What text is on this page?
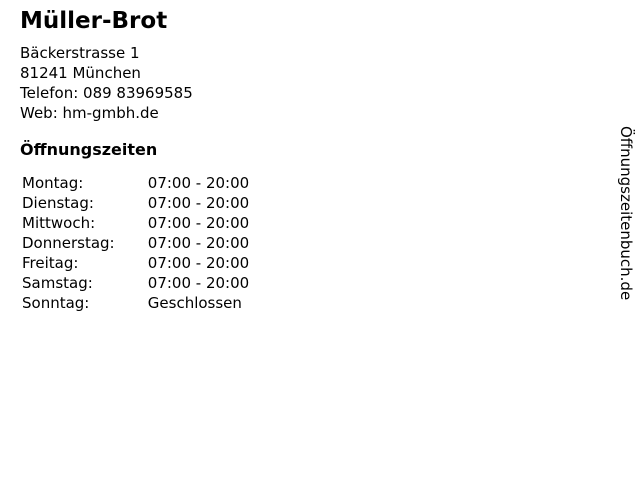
Müller-Brot
Bäckerstrasse 1
81241 München
Telefon: 089 83969585
Web: hm-gmbh.de
Öffnungszeiten
Montag:	07:00 - 20:00
Dienstag:	07:00 - 20:00
Mittwoch:	07:00 - 20:00
Donnerstag: 07:00 - 20:00
Freitag:	07:00 - 20:00
Samstag:	07:00 - 20:00
Sonntag:	Geschlossen
Öffnungszeitenbuch.de
